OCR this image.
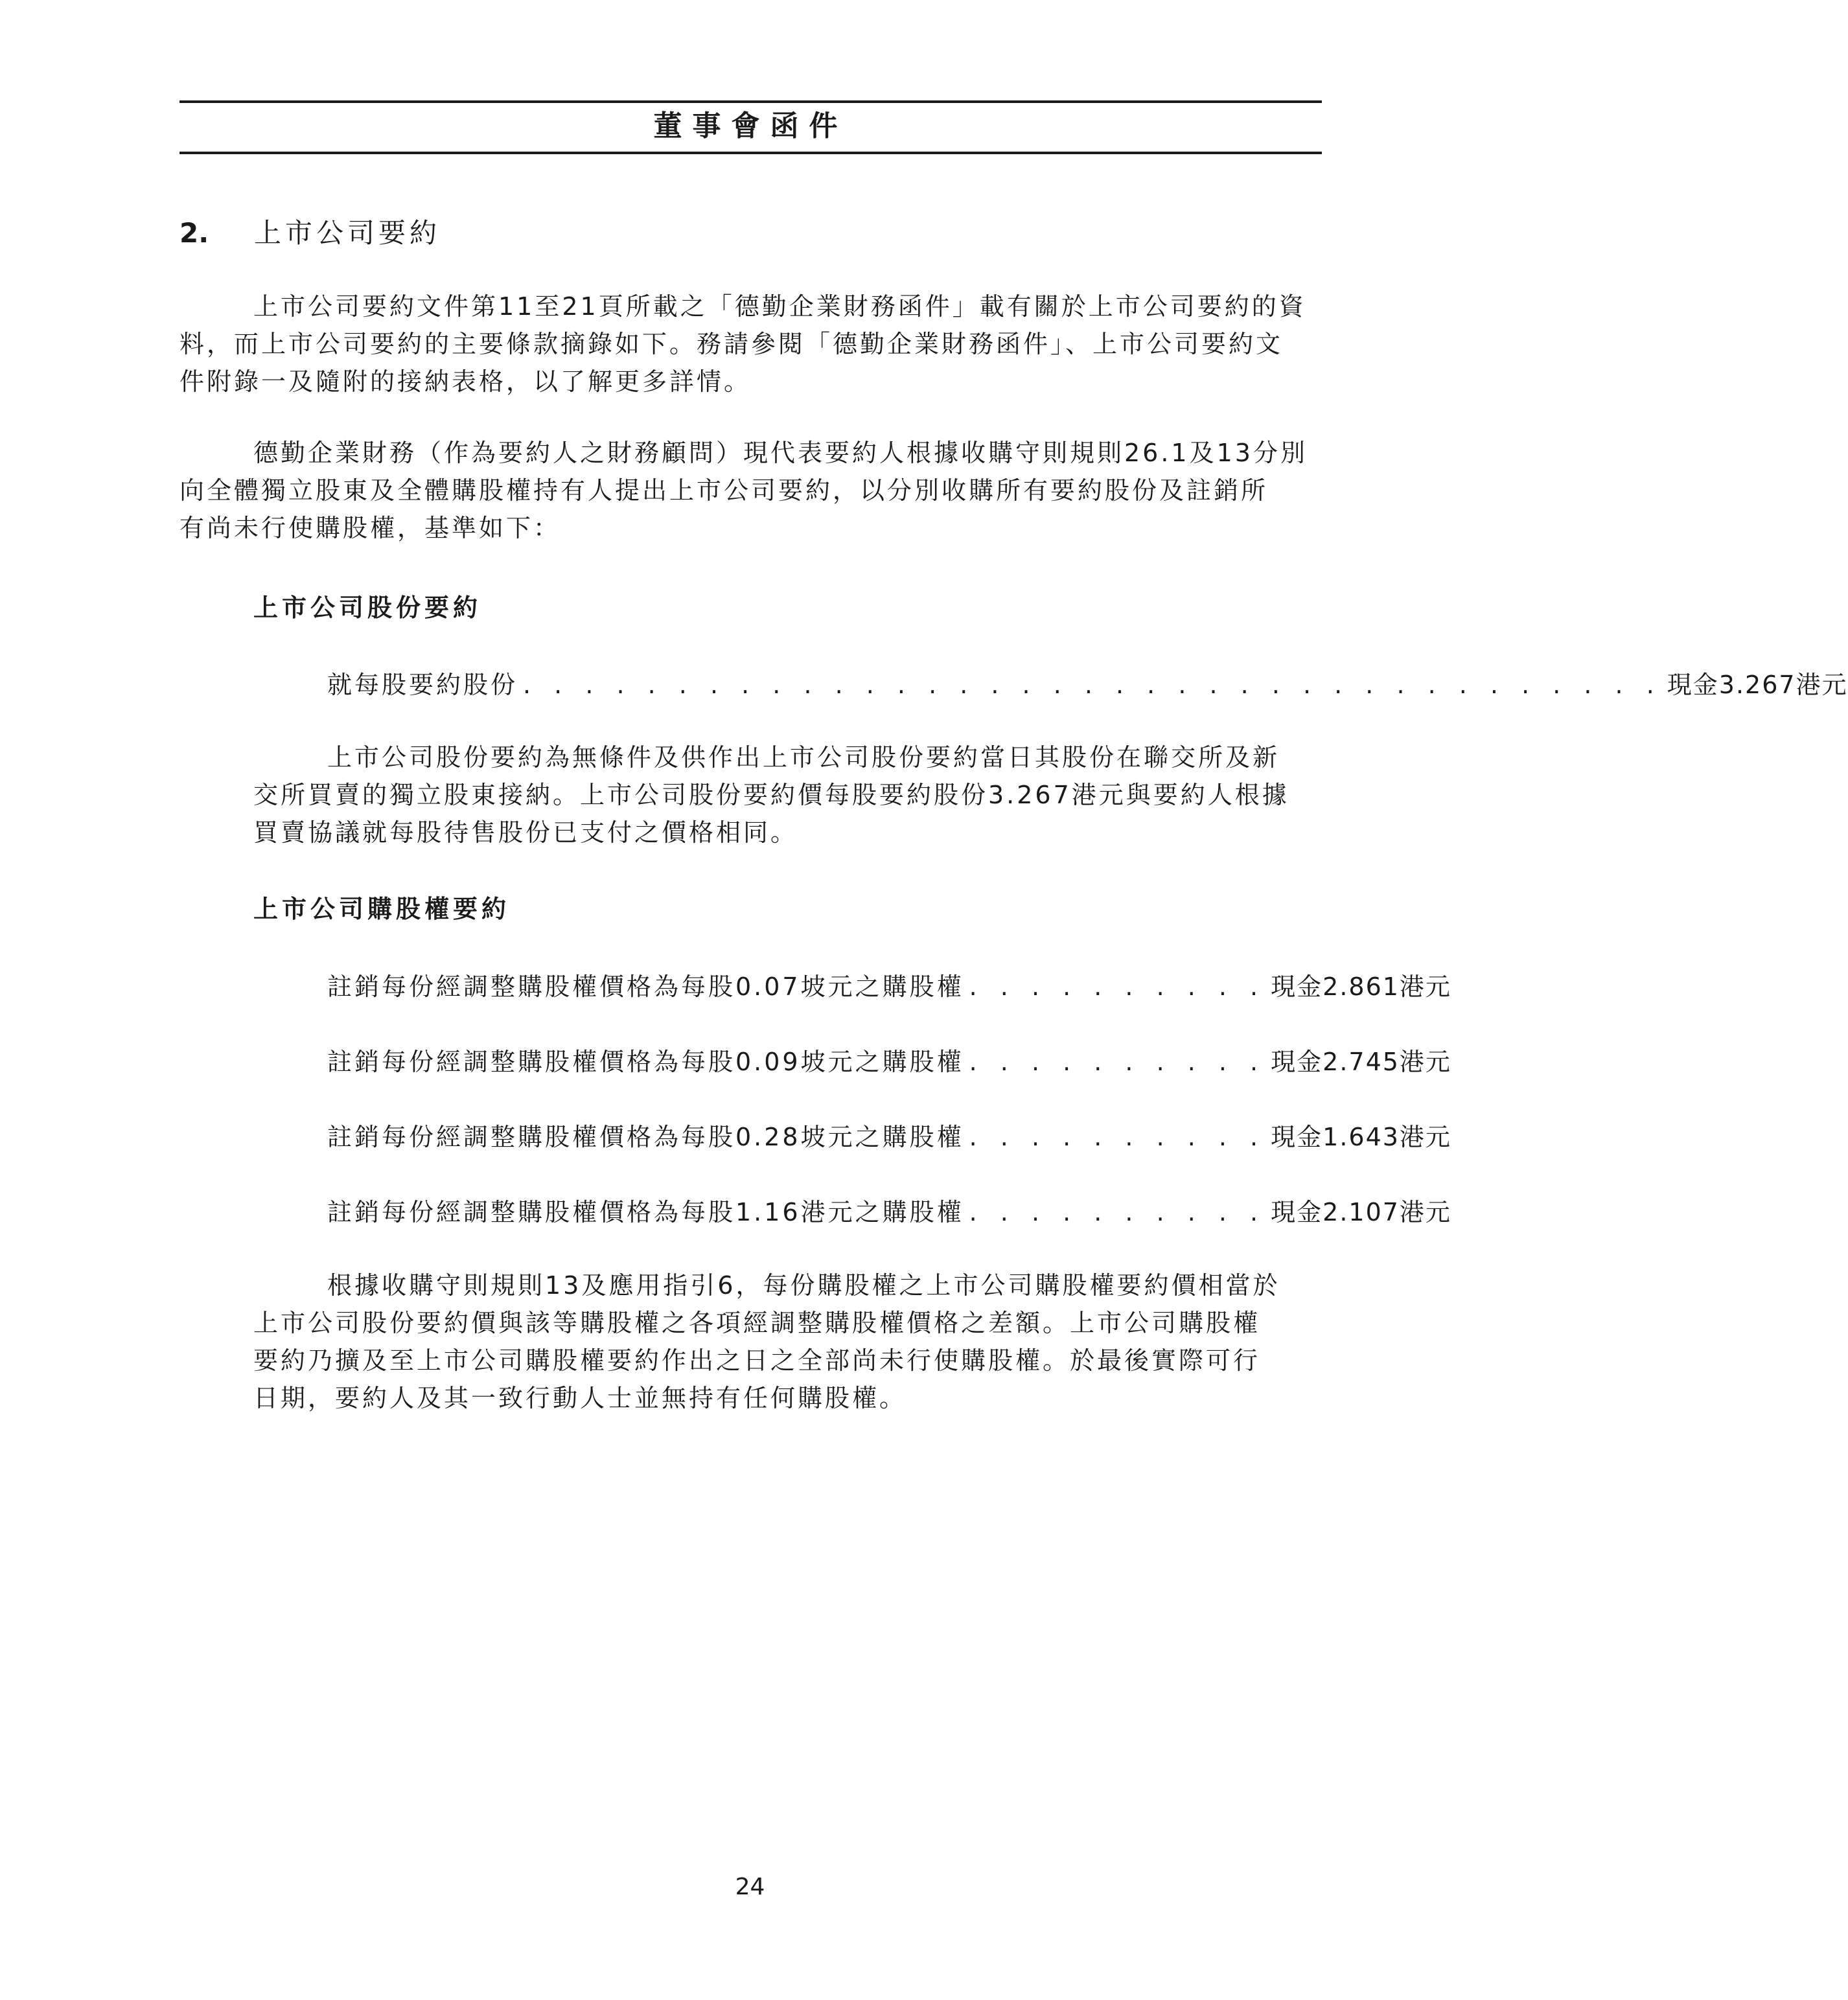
董事會函件
2. 上市公司要約

上市公司要約文件第11至21頁所載之「德勤企業財務函件」載有關於上市公司要約的資
料，而上市公司要約的主要條款摘錄如下。務請參閱「德勤企業財務函件」、上市公司要約文
件附錄一及隨附的接納表格，以了解更多詳情。

德勤企業財務（作為要約人之財務顧問）現代表要約人根據收購守則規則26.1及13分別
向全體獨立股東及全體購股權持有人提出上市公司要約，以分別收購所有要約股份及註銷所
有尚未行使購股權，基準如下：

上市公司股份要約
就每股要約股份 . . . . . . . . . . . . . . . . . . . . . . . . . . . . . . . . . . . . . 現金3.267港元

上市公司股份要約為無條件及供作出上市公司股份要約當日其股份在聯交所及新
交所買賣的獨立股東接納。上市公司股份要約價每股要約股份3.267港元與要約人根據
買賣協議就每股待售股份已支付之價格相同。

上市公司購股權要約
註銷每份經調整購股權價格為每股0.07坡元之購股權 . . . . . . . . . . 現金2.861港元
註銷每份經調整購股權價格為每股0.09坡元之購股權 . . . . . . . . . . 現金2.745港元
註銷每份經調整購股權價格為每股0.28坡元之購股權 . . . . . . . . . . 現金1.643港元
註銷每份經調整購股權價格為每股1.16港元之購股權 . . . . . . . . . . 現金2.107港元

根據收購守則規則13及應用指引6，每份購股權之上市公司購股權要約價相當於
上市公司股份要約價與該等購股權之各項經調整購股權價格之差額。上市公司購股權
要約乃擴及至上市公司購股權要約作出之日之全部尚未行使購股權。於最後實際可行
日期，要約人及其一致行動人士並無持有任何購股權。

24
